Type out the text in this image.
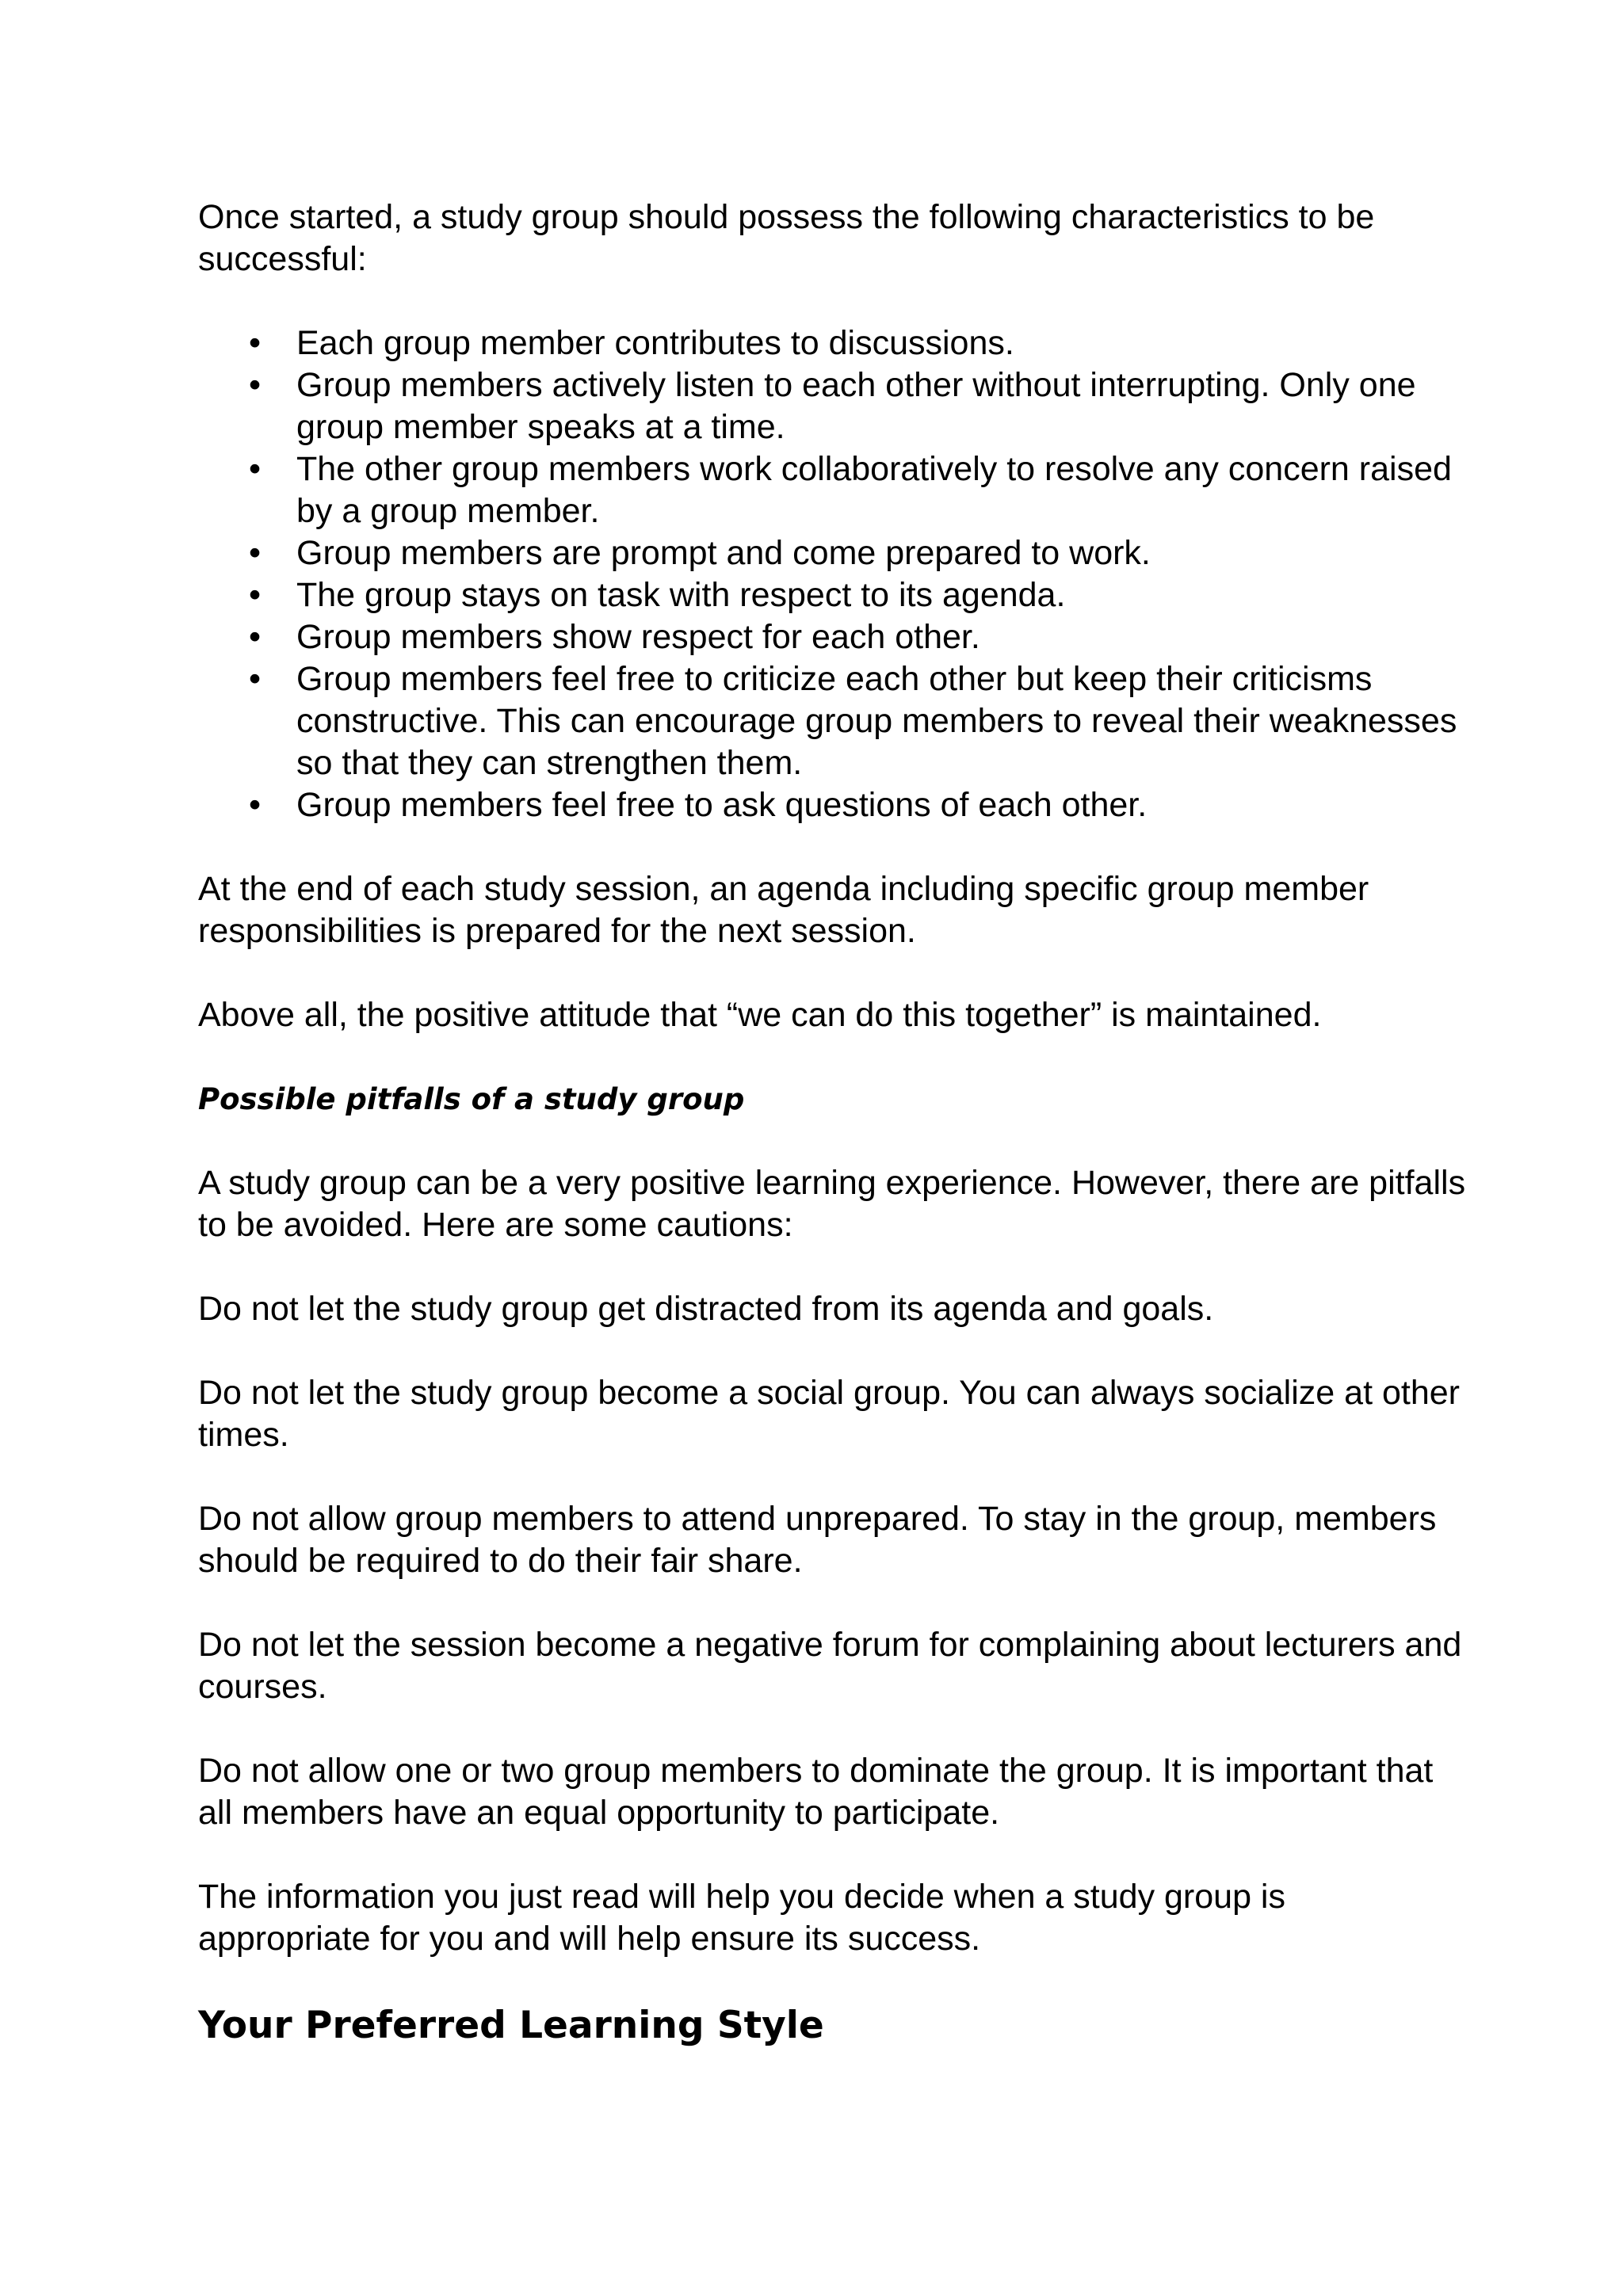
Once started, a study group should possess the following characteristics to be successful:

• Each group member contributes to discussions.
• Group members actively listen to each other without interrupting. Only one group member speaks at a time.
• The other group members work collaboratively to resolve any concern raised by a group member.
• Group members are prompt and come prepared to work.
• The group stays on task with respect to its agenda.
• Group members show respect for each other.
• Group members feel free to criticize each other but keep their criticisms constructive. This can encourage group members to reveal their weaknesses so that they can strengthen them.
• Group members feel free to ask questions of each other.

At the end of each study session, an agenda including specific group member responsibilities is prepared for the next session.

Above all, the positive attitude that “we can do this together” is maintained.

Possible pitfalls of a study group

A study group can be a very positive learning experience. However, there are pitfalls to be avoided. Here are some cautions:

Do not let the study group get distracted from its agenda and goals.

Do not let the study group become a social group. You can always socialize at other times.

Do not allow group members to attend unprepared. To stay in the group, members should be required to do their fair share.

Do not let the session become a negative forum for complaining about lecturers and courses.

Do not allow one or two group members to dominate the group. It is important that all members have an equal opportunity to participate.

The information you just read will help you decide when a study group is appropriate for you and will help ensure its success.

Your Preferred Learning Style
